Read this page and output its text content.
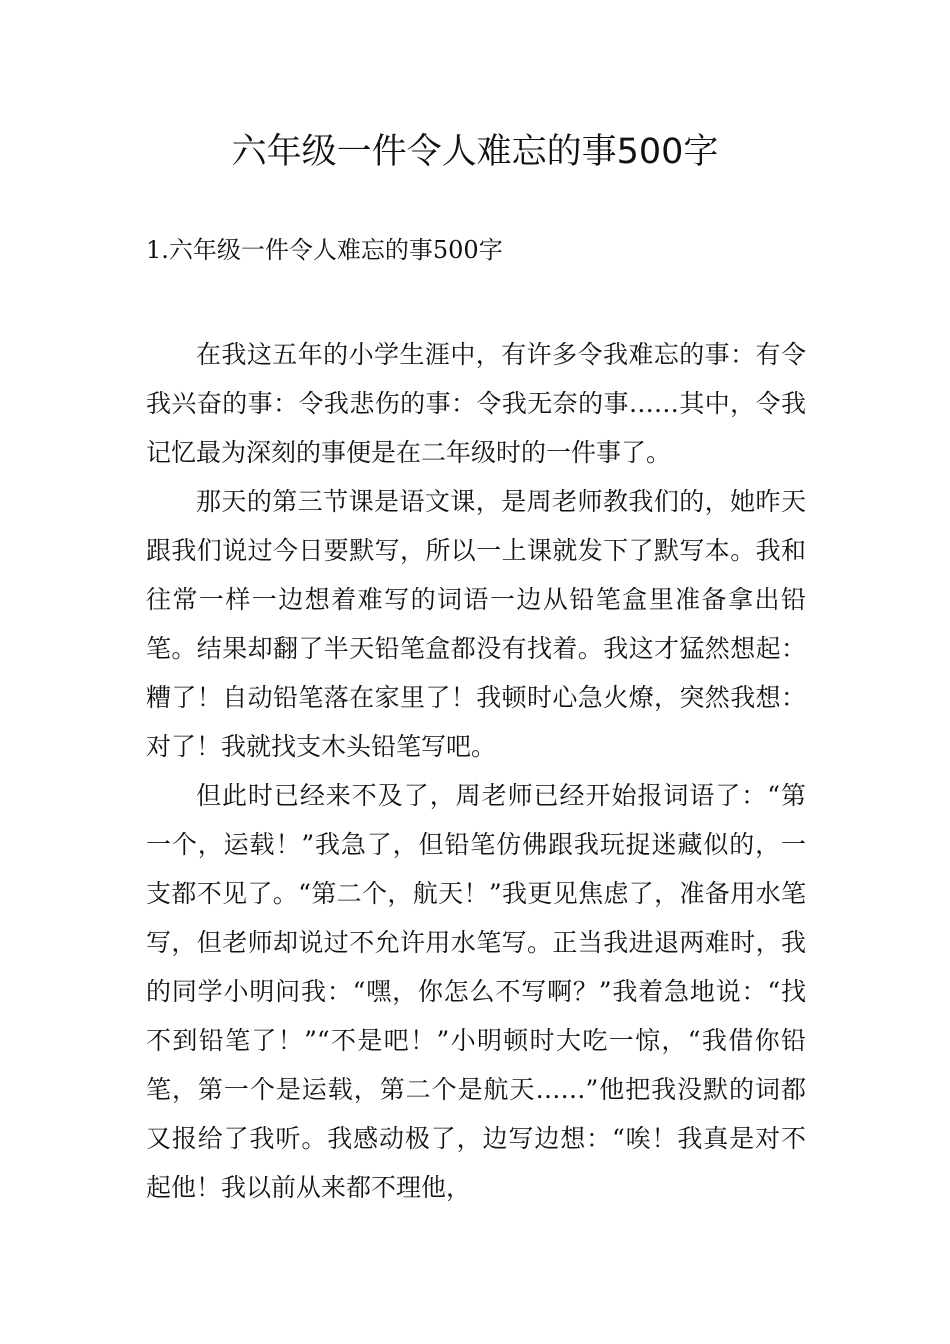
六年级一件令人难忘的事500字
1.六年级一件令人难忘的事500字

在我这五年的小学生涯中，有许多令我难忘的事：有令我兴奋的事：令我悲伤的事：令我无奈的事……其中，令我记忆最为深刻的事便是在二年级时的一件事了。

那天的第三节课是语文课，是周老师教我们的，她昨天跟我们说过今日要默写，所以一上课就发下了默写本。我和往常一样一边想着难写的词语一边从铅笔盒里准备拿出铅笔。结果却翻了半天铅笔盒都没有找着。我这才猛然想起：糟了！自动铅笔落在家里了！我顿时心急火燎，突然我想：对了！我就找支木头铅笔写吧。

但此时已经来不及了，周老师已经开始报词语了：“第一个，运载！”我急了，但铅笔仿佛跟我玩捉迷藏似的，一支都不见了。“第二个，航天！”我更见焦虑了，准备用水笔写，但老师却说过不允许用水笔写。正当我进退两难时，我的同学小明问我：“嘿，你怎么不写啊？”我着急地说：“找不到铅笔了！”“不是吧！”小明顿时大吃一惊，“我借你铅笔，第一个是运载，第二个是航天……”他把我没默的词都又报给了我听。我感动极了，边写边想：“唉！我真是对不起他！我以前从来都不理他，
